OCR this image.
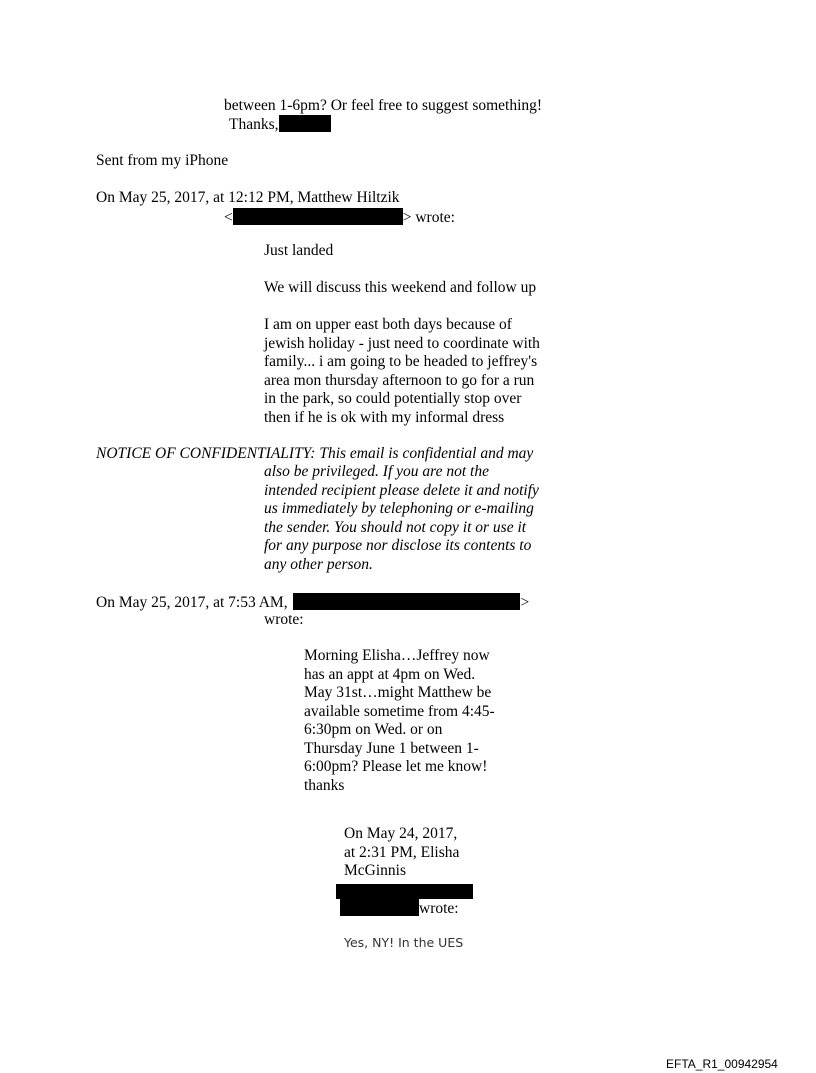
between 1-6pm? Or feel free to suggest something!
Thanks,
Sent from my iPhone
On May 25, 2017, at 12:12 PM, Matthew Hiltzik
<	> wrote:
Just landed
We will discuss this weekend and follow up
I am on upper east both days because of
jewish holiday - just need to coordinate with
family... i am going to be headed to jeffrey's
area mon thursday afternoon to go for a run
in the park, so could potentially stop over
then if he is ok with my informal dress
NOTICE OF CONFIDENTIALITY: This email is confidential and may
also be privileged. If you are not the
intended recipient please delete it and notify
us immediately by telephoning or e-mailing
the sender. You should not copy it or use it
for any purpose nor disclose its contents to
any other person.
On May 25, 2017, at 7:53 AM,	>
wrote:
Morning Elisha…Jeffrey now
has an appt at 4pm on Wed.
May 31st…might Matthew be
available sometime from 4:45-
6:30pm on Wed. or on
Thursday June 1 between 1-
6:00pm? Please let me know!
thanks
On May 24, 2017,
at 2:31 PM, Elisha
McGinnis
wrote:
Yes, NY! In the UES
EFTA_R1_00942954
